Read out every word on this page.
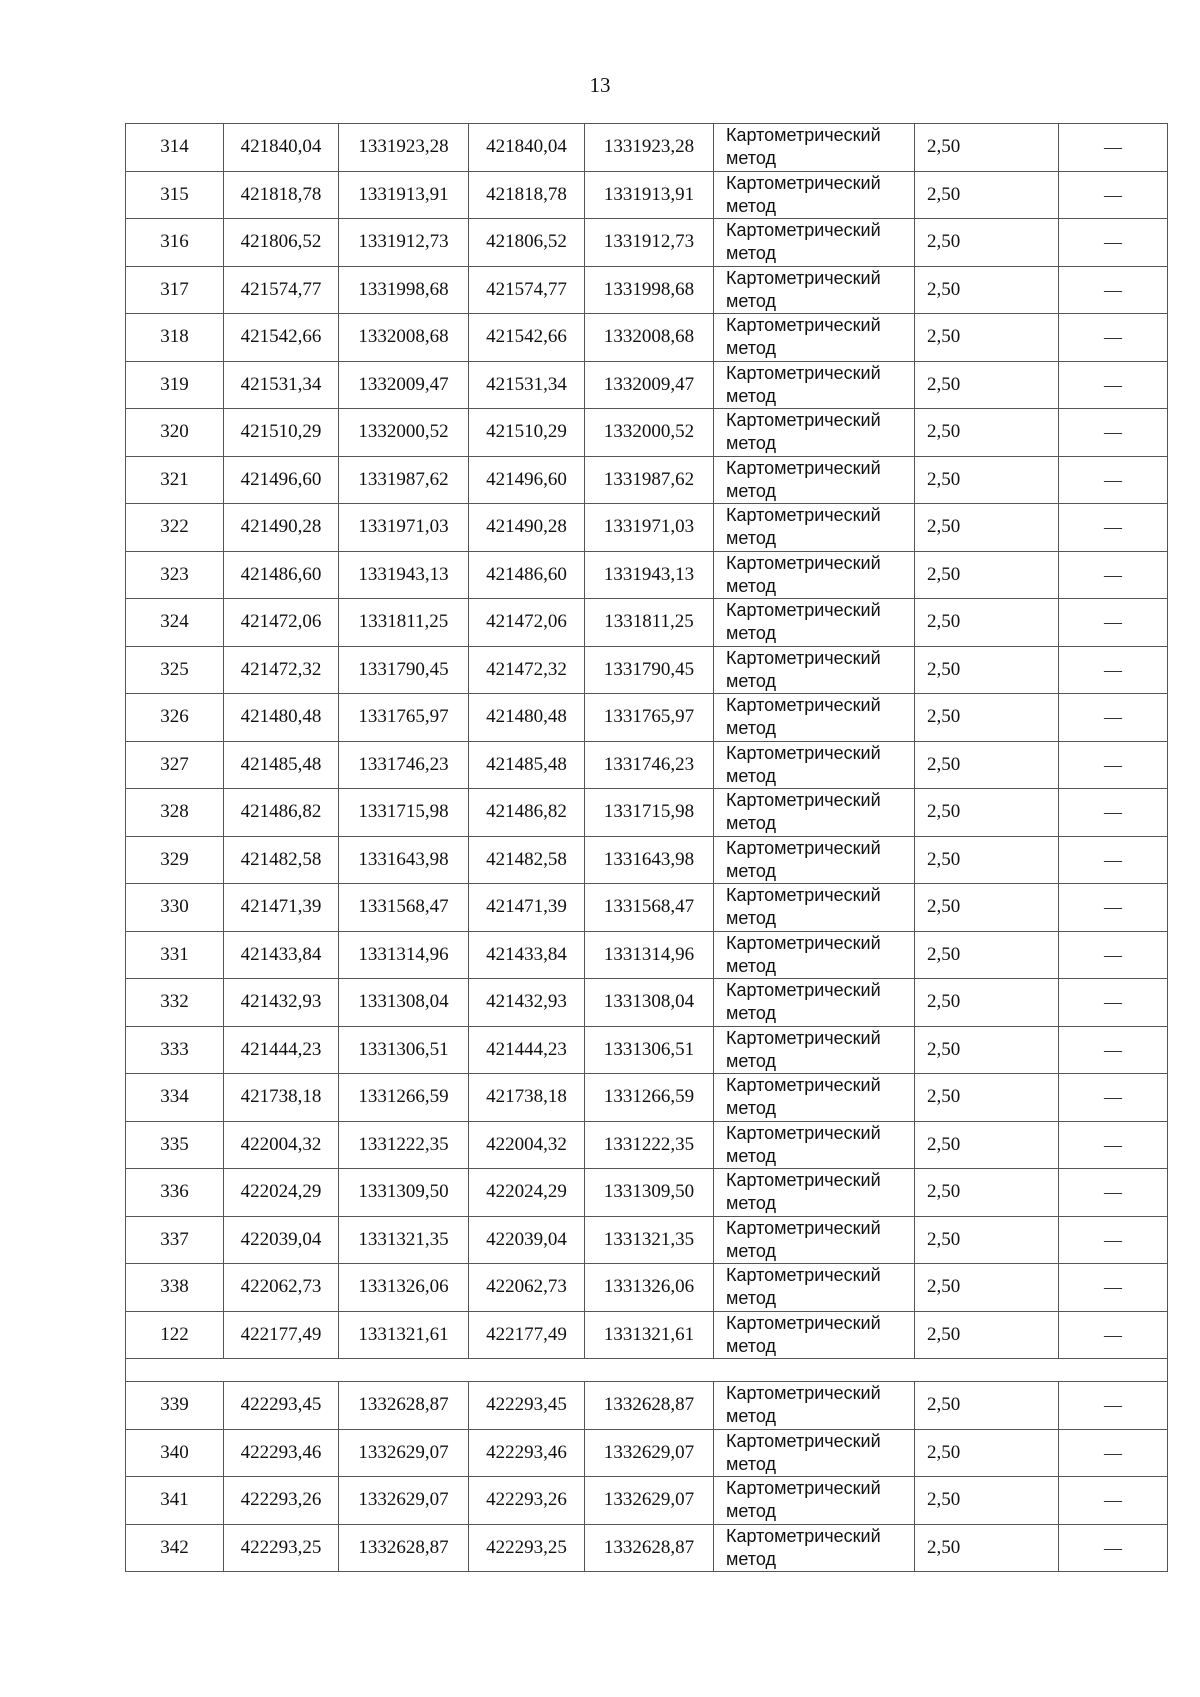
13
314	421840,04	1331923,28	421840,04	1331923,28	Картометрический
метод	2,50	—
315	421818,78	1331913,91	421818,78	1331913,91	Картометрический
метод	2,50	—
316	421806,52	1331912,73	421806,52	1331912,73	Картометрический
метод	2,50	—
317	421574,77	1331998,68	421574,77	1331998,68	Картометрический
метод	2,50	—
318	421542,66	1332008,68	421542,66	1332008,68	Картометрический
метод	2,50	—
319	421531,34	1332009,47	421531,34	1332009,47	Картометрический
метод	2,50	—
320	421510,29	1332000,52	421510,29	1332000,52	Картометрический
метод	2,50	—
321	421496,60	1331987,62	421496,60	1331987,62	Картометрический
метод	2,50	—
322	421490,28	1331971,03	421490,28	1331971,03	Картометрический
метод	2,50	—
323	421486,60	1331943,13	421486,60	1331943,13	Картометрический
метод	2,50	—
324	421472,06	1331811,25	421472,06	1331811,25	Картометрический
метод	2,50	—
325	421472,32	1331790,45	421472,32	1331790,45	Картометрический
метод	2,50	—
326	421480,48	1331765,97	421480,48	1331765,97	Картометрический
метод	2,50	—
327	421485,48	1331746,23	421485,48	1331746,23	Картометрический
метод	2,50	—
328	421486,82	1331715,98	421486,82	1331715,98	Картометрический
метод	2,50	—
329	421482,58	1331643,98	421482,58	1331643,98	Картометрический
метод	2,50	—
330	421471,39	1331568,47	421471,39	1331568,47	Картометрический
метод	2,50	—
331	421433,84	1331314,96	421433,84	1331314,96	Картометрический
метод	2,50	—
332	421432,93	1331308,04	421432,93	1331308,04	Картометрический
метод	2,50	—
333	421444,23	1331306,51	421444,23	1331306,51	Картометрический
метод	2,50	—
334	421738,18	1331266,59	421738,18	1331266,59	Картометрический
метод	2,50	—
335	422004,32	1331222,35	422004,32	1331222,35	Картометрический
метод	2,50	—
336	422024,29	1331309,50	422024,29	1331309,50	Картометрический
метод	2,50	—
337	422039,04	1331321,35	422039,04	1331321,35	Картометрический
метод	2,50	—
338	422062,73	1331326,06	422062,73	1331326,06	Картометрический
метод	2,50	—
122	422177,49	1331321,61	422177,49	1331321,61	Картометрический
метод	2,50	—

339	422293,45	1332628,87	422293,45	1332628,87	Картометрический
метод	2,50	—
340	422293,46	1332629,07	422293,46	1332629,07	Картометрический
метод	2,50	—
341	422293,26	1332629,07	422293,26	1332629,07	Картометрический
метод	2,50	—
342	422293,25	1332628,87	422293,25	1332628,87	Картометрический
метод	2,50	—
